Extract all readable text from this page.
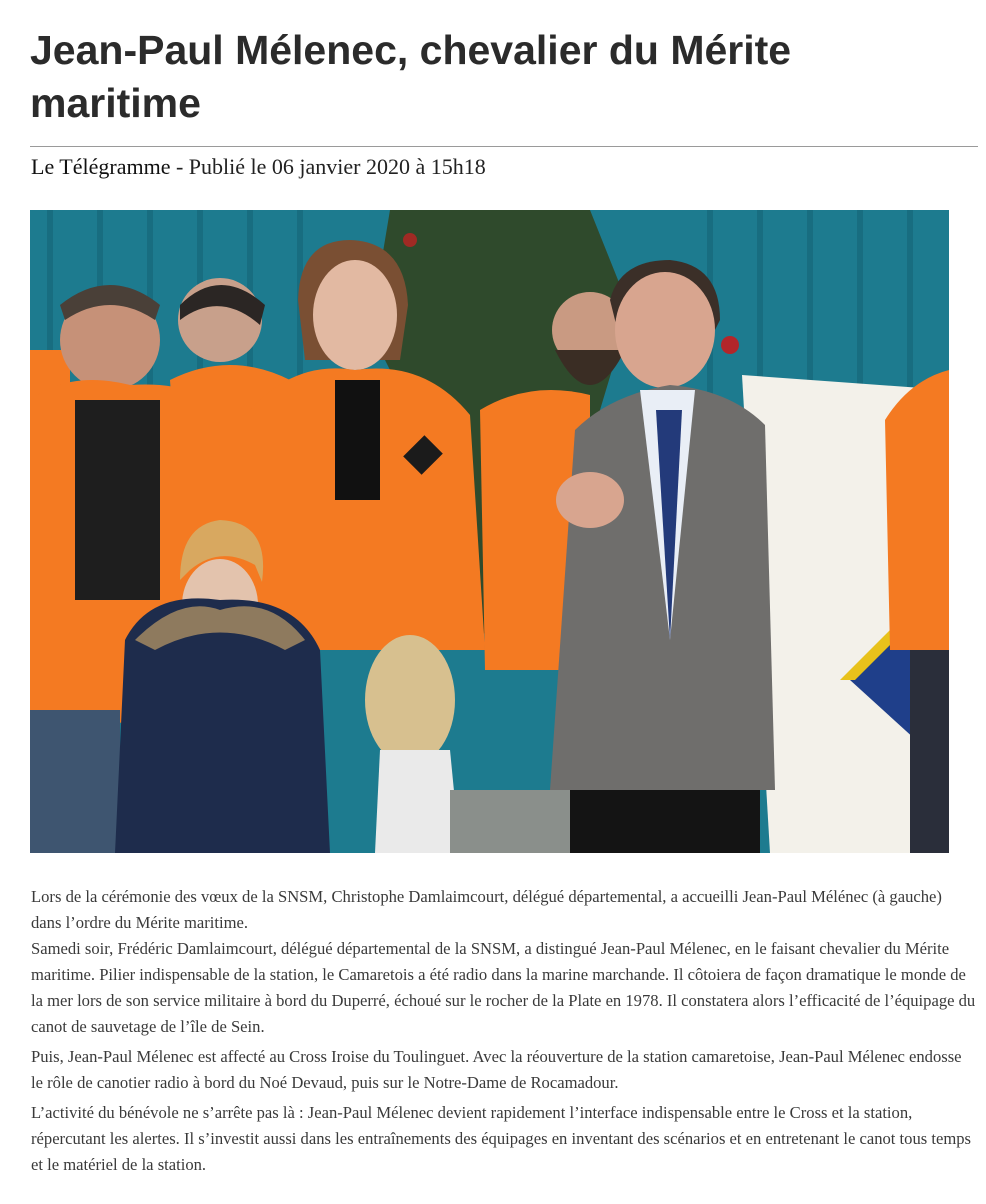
Jean-Paul Mélenec, chevalier du Mérite maritime
Le Télégramme - Publié le 06 janvier 2020 à 15h18

Lors de la cérémonie des vœux de la SNSM, Christophe Damlaimcourt, délégué départemental, a accueilli Jean-Paul Mélénec (à gauche) dans l’ordre du Mérite maritime.

Samedi soir, Frédéric Damlaimcourt, délégué départemental de la SNSM, a distingué Jean-Paul Mélenec, en le faisant chevalier du Mérite maritime. Pilier indispensable de la station, le Camaretois a été radio dans la marine marchande. Il côtoiera de façon dramatique le monde de la mer lors de son service militaire à bord du Duperré, échoué sur le rocher de la Plate en 1978. Il constatera alors l’efficacité de l’équipage du canot de sauvetage de l’île de Sein.

Puis, Jean-Paul Mélenec est affecté au Cross Iroise du Toulinguet. Avec la réouverture de la station camaretoise, Jean-Paul Mélenec endosse le rôle de canotier radio à bord du Noé Devaud, puis sur le Notre-Dame de Rocamadour.

L’activité du bénévole ne s’arrête pas là : Jean-Paul Mélenec devient rapidement l’interface indispensable entre le Cross et la station, répercutant les alertes. Il s’investit aussi dans les entraînements des équipages en inventant des scénarios et en entretenant le canot tous temps et le matériel de la station.
